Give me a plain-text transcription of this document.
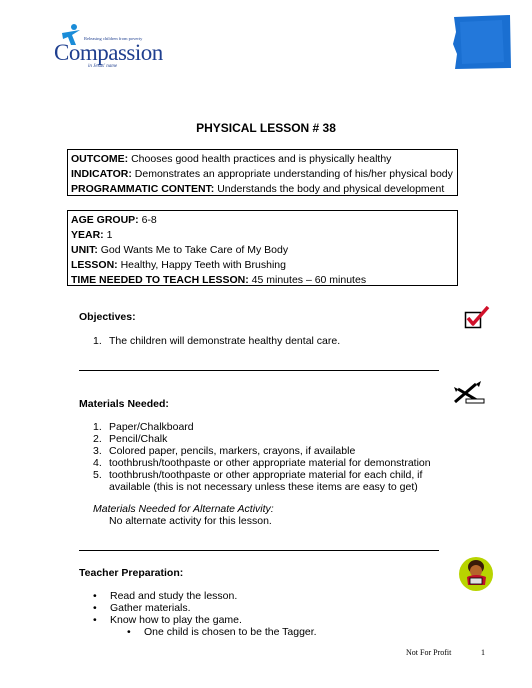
Releasing children from poverty
Compassion
in Jesus' name
PHYSICAL LESSON # 38
OUTCOME: Chooses good health practices and is physically healthy
INDICATOR: Demonstrates an appropriate understanding of his/her physical body
PROGRAMMATIC CONTENT: Understands the body and physical development
AGE GROUP: 6-8
YEAR: 1
UNIT: God Wants Me to Take Care of My Body
LESSON: Healthy, Happy Teeth with Brushing
TIME NEEDED TO TEACH LESSON: 45 minutes – 60 minutes
Objectives:
1. The children will demonstrate healthy dental care.
Materials Needed:
1. Paper/Chalkboard
2. Pencil/Chalk
3. Colored paper, pencils, markers, crayons, if available
4. toothbrush/toothpaste or other appropriate material for demonstration
5. toothbrush/toothpaste or other appropriate material for each child, if
available (this is not necessary unless these items are easy to get)
Materials Needed for Alternate Activity:
No alternate activity for this lesson.
Teacher Preparation:
•	Read and study the lesson.
•	Gather materials.
•	Know how to play the game.
•	One child is chosen to be the Tagger.
Not For Profit	1
